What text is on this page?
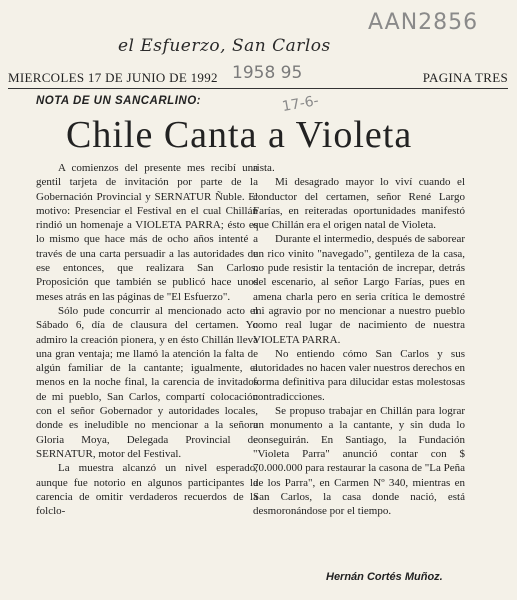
el Esfuerzo, San Carlos
AAN2856
1958 95
17-6-
MIERCOLES 17 DE JUNIO DE 1992	PAGINA TRES
NOTA DE UN SANCARLINO:
Chile Canta a Violeta

A comienzos del presente mes recibí una gentil tarjeta de invitación por parte de la Gobernación Provincial y SERNATUR Ñuble. El motivo: Presenciar el Festival en el cual Chillán rindió un homenaje a VIOLETA PARRA; ésto es lo mismo que hace más de ocho años intenté a través de una carta persuadir a las autoridades de ese entonces, que realizara San Carlos. Proposición que también se publicó hace unos meses atrás en las páginas de "El Esfuerzo".

Sólo pude concurrir al mencionado acto el Sábado 6, día de clausura del certamen. Yo admiro la creación pionera, y en ésto Chillán lleva una gran ventaja; me llamó la atención la falta de algún familiar de la cantante; igualmente, el menos en la noche final, la carencia de invitados de mi pueblo, San Carlos, compartí colocación con el señor Gobernador y autoridades locales, donde es ineludible no mencionar a la señora Gloria Moya, Delegada Provincial de SERNATUR, motor del Festival.

La muestra alcanzó un nivel esperado, aunque fue notorio en algunos participantes la carencia de omitir verdaderos recuerdos de la folclo-

rista.

Mi desagrado mayor lo viví cuando el conductor del certamen, señor René Largo Farías, en reiteradas oportunidades manifestó que Chillán era el origen natal de Violeta.

Durante el intermedio, después de saborear un rico vinito "navegado", gentileza de la casa, no pude resistir la tentación de increpar, detrás del escenario, al señor Largo Farías, pues en amena charla pero en seria crítica le demostré mi agravio por no mencionar a nuestro pueblo como real lugar de nacimiento de nuestra VIOLETA PARRA.

No entiendo cómo San Carlos y sus autoridades no hacen valer nuestros derechos en forma definitiva para dilucidar estas molestosas contradicciones.

Se propuso trabajar en Chillán para lograr un monumento a la cantante, y sin duda lo conseguirán. En Santiago, la Fundación "Violeta Parra" anunció contar con $ 70.000.000 para restaurar la casona de "La Peña de los Parra", en Carmen Nº 340, mientras en San Carlos, la casa donde nació, está desmoronándose por el tiempo.

Hernán Cortés Muñoz.
